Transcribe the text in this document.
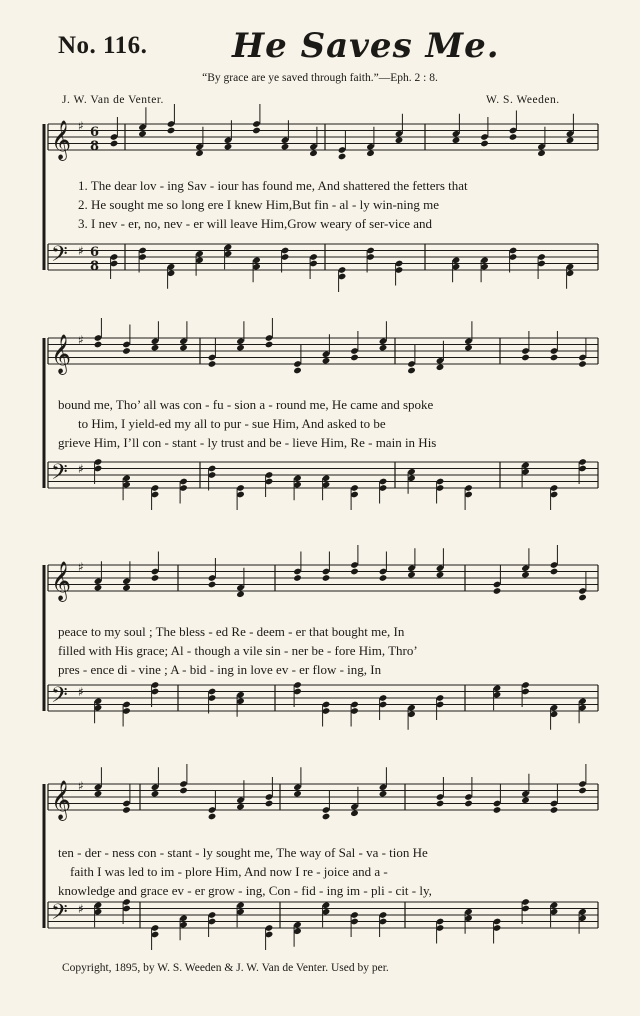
No. 116. He Saves Me.
“By grace are ye saved through faith.”—Eph. 2 : 8.
J. W. Van de Venter.	W. S. Weeden.
𝄞 ♯ 6
8
𝄢 ♯ 6
8
𝄞 ♯
𝄢 ♯
𝄞 ♯
𝄢 ♯
𝄞 ♯
𝄢 ♯
1. The dear lov - ing Sav - iour has found me, And shattered the fetters that
2. He sought me so long ere I knew Him,But fin - al - ly win-ning me
3. I nev - er, no, nev - er will leave Him,Grow weary of ser-vice and
bound me, Tho’ all was con - fu - sion a - round me, He came and spoke
to Him, I yield-ed my all to pur - sue Him, And asked to be
grieve Him, I’ll con - stant - ly trust and be - lieve Him, Re - main in His
peace to my soul ; The bless - ed Re - deem - er that bought me, In
filled with His grace; Al - though a vile sin - ner be - fore Him, Thro’
pres - ence di - vine ; A - bid - ing in love ev - er flow - ing, In
ten - der - ness con - stant - ly sought me, The way of Sal - va - tion He
faith I was led to im - plore Him, And now I re - joice and a -
knowledge and grace ev - er grow - ing, Con - fid - ing im - pli - cit - ly,
Copyright, 1895, by W. S. Weeden & J. W. Van de Venter. Used by per.
